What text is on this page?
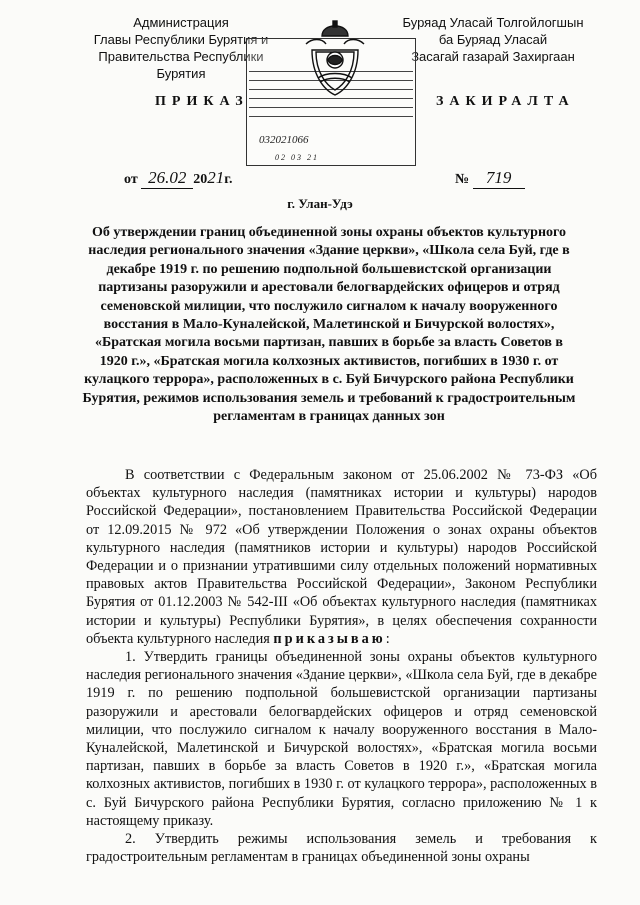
Администрация
Главы Республики Бурятия и
Правительства Республики Бурятия
Буряад Уласай Толгойлогшын
ба Буряад Уласай
Засагай газарай Захиргаан
ПРИКАЗ	ЗАКИРАЛТА
032021066
02 03 21
от 26.02 2021г.	№ 719
г. Улан-Удэ
Об утверждении границ объединенной зоны охраны объектов культурного наследия регионального значения «Здание церкви», «Школа села Буй, где в декабре 1919 г. по решению подпольной большевистской организации партизаны разоружили и арестовали белогвардейских офицеров и отряд семеновской милиции, что послужило сигналом к началу вооруженного восстания в Мало-Куналейской, Малетинской и Бичурской волостях», «Братская могила восьми партизан, павших в борьбе за власть Советов в 1920 г.», «Братская могила колхозных активистов, погибших в 1930 г. от кулацкого террора», расположенных в с. Буй Бичурского района Республики Бурятия, режимов использования земель и требований к градостроительным регламентам в границах данных зон

В соответствии с Федеральным законом от 25.06.2002 № 73-ФЗ «Об объектах культурного наследия (памятниках истории и культуры) народов Российской Федерации», постановлением Правительства Российской Федерации от 12.09.2015 № 972 «Об утверждении Положения о зонах охраны объектов культурного наследия (памятников истории и культуры) народов Российской Федерации и о признании утратившими силу отдельных положений нормативных правовых актов Правительства Российской Федерации», Законом Республики Бурятия от 01.12.2003 № 542-III «Об объектах культурного наследия (памятниках истории и культуры) Республики Бурятия», в целях обеспечения сохранности объекта культурного наследия приказываю:

1. Утвердить границы объединенной зоны охраны объектов культурного наследия регионального значения «Здание церкви», «Школа села Буй, где в декабре 1919 г. по решению подпольной большевистской организации партизаны разоружили и арестовали белогвардейских офицеров и отряд семеновской милиции, что послужило сигналом к началу вооруженного восстания в Мало-Куналейской, Малетинской и Бичурской волостях», «Братская могила восьми партизан, павших в борьбе за власть Советов в 1920 г.», «Братская могила колхозных активистов, погибших в 1930 г. от кулацкого террора», расположенных в с. Буй Бичурского района Республики Бурятия, согласно приложению № 1 к настоящему приказу.

2. Утвердить режимы использования земель и требования к градостроительным регламентам в границах объединенной зоны охраны
